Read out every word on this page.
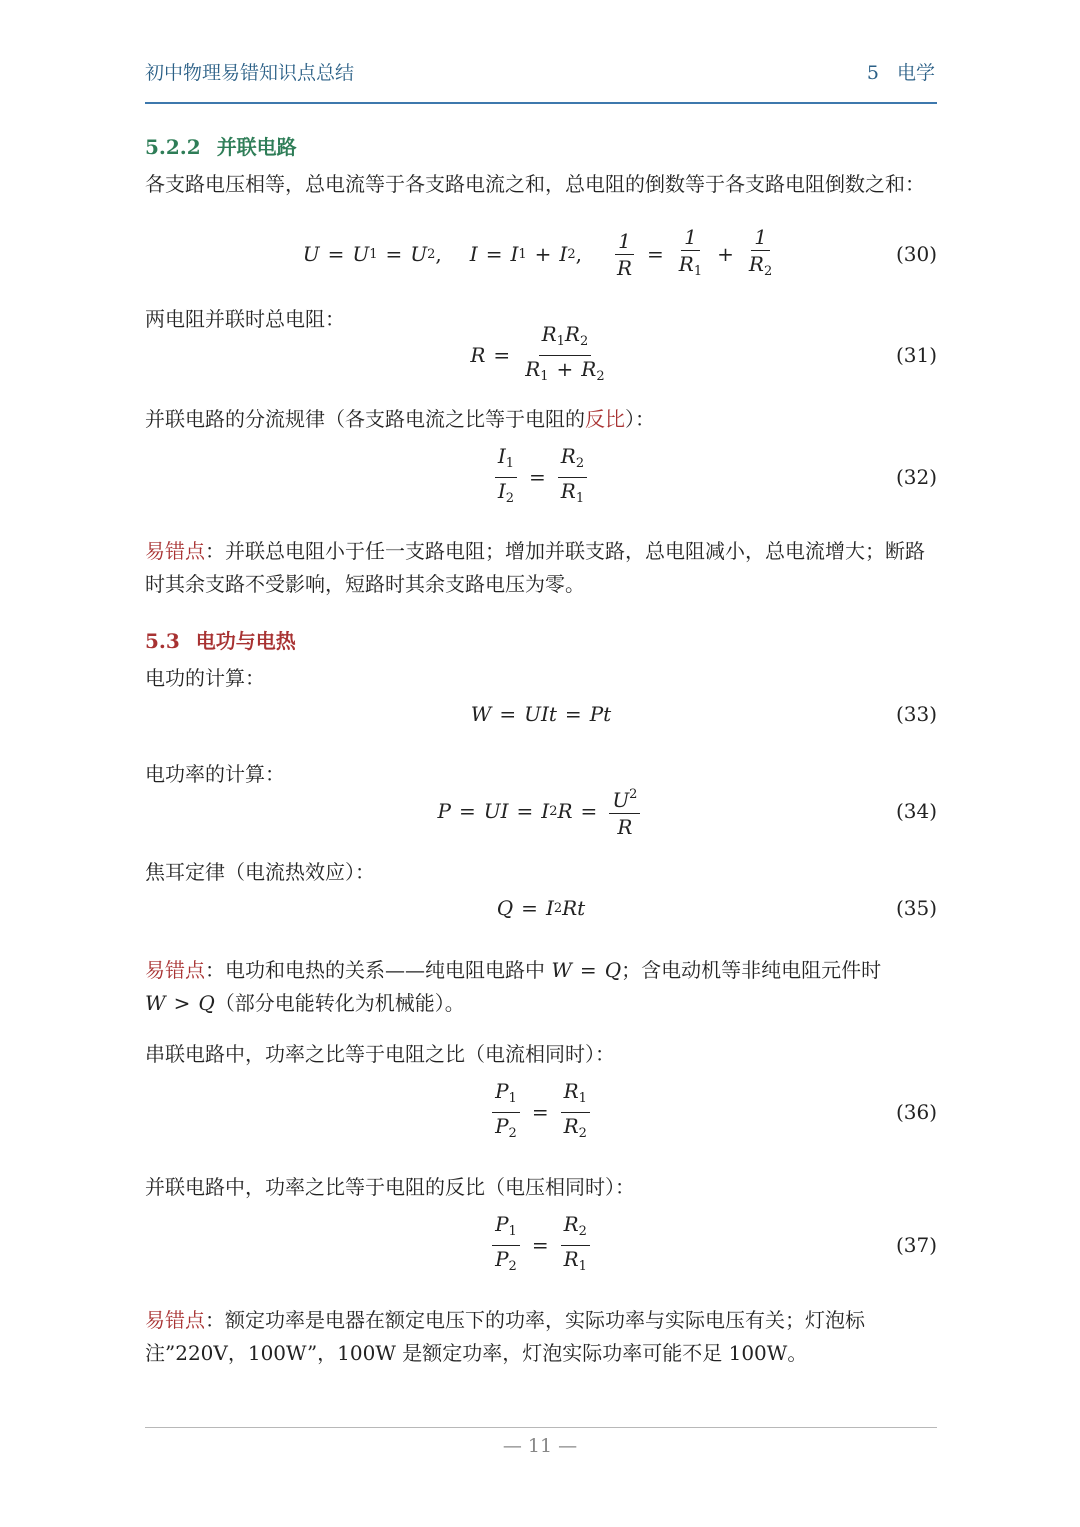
初中物理易错知识点总结	5 电学
5.2.2 并联电路
各支路电压相等，总电流等于各支路电流之和，总电阻的倒数等于各支路电阻倒数之和：
U = U 1 = U 2 , I = I 1 + I 2 , $\frac{1}{R} = \frac{1}{R_1} + \frac{1}{R_2}$	(30)
两电阻并联时总电阻：
$R = \frac{R_1R_2}{R_1 + R_2}$	(31)
并联电路的分流规律（各支路电流之比等于电阻的反比）：
$\frac{I_1}{I_2} = \frac{R_2}{R_1}$	(32)
易错点：并联总电阻小于任一支路电阻；增加并联支路，总电阻减小，总电流增大；断路时其余支路不受影响，短路时其余支路电压为零。
5.3 电功与电热
电功的计算：
W = UIt = Pt	(33)
电功率的计算：
P = UI = I 2 $R = \frac{U^2}{R}$	(34)
焦耳定律（电流热效应）：
Q = I 2 Rt	(35)
易错点：电功和电热的关系——纯电阻电路中 W = Q；含电动机等非纯电阻元件时 W > Q（部分电能转化为机械能）。
串联电路中，功率之比等于电阻之比（电流相同时）：
$\frac{P_1}{P_2} = \frac{R_1}{R_2}$	(36)
并联电路中，功率之比等于电阻的反比（电压相同时）：
$\frac{P_1}{P_2} = \frac{R_2}{R_1}$	(37)
易错点：额定功率是电器在额定电压下的功率，实际功率与实际电压有关；灯泡标注”220V，100W”，100W 是额定功率，灯泡实际功率可能不足 100W。
— 11 —
